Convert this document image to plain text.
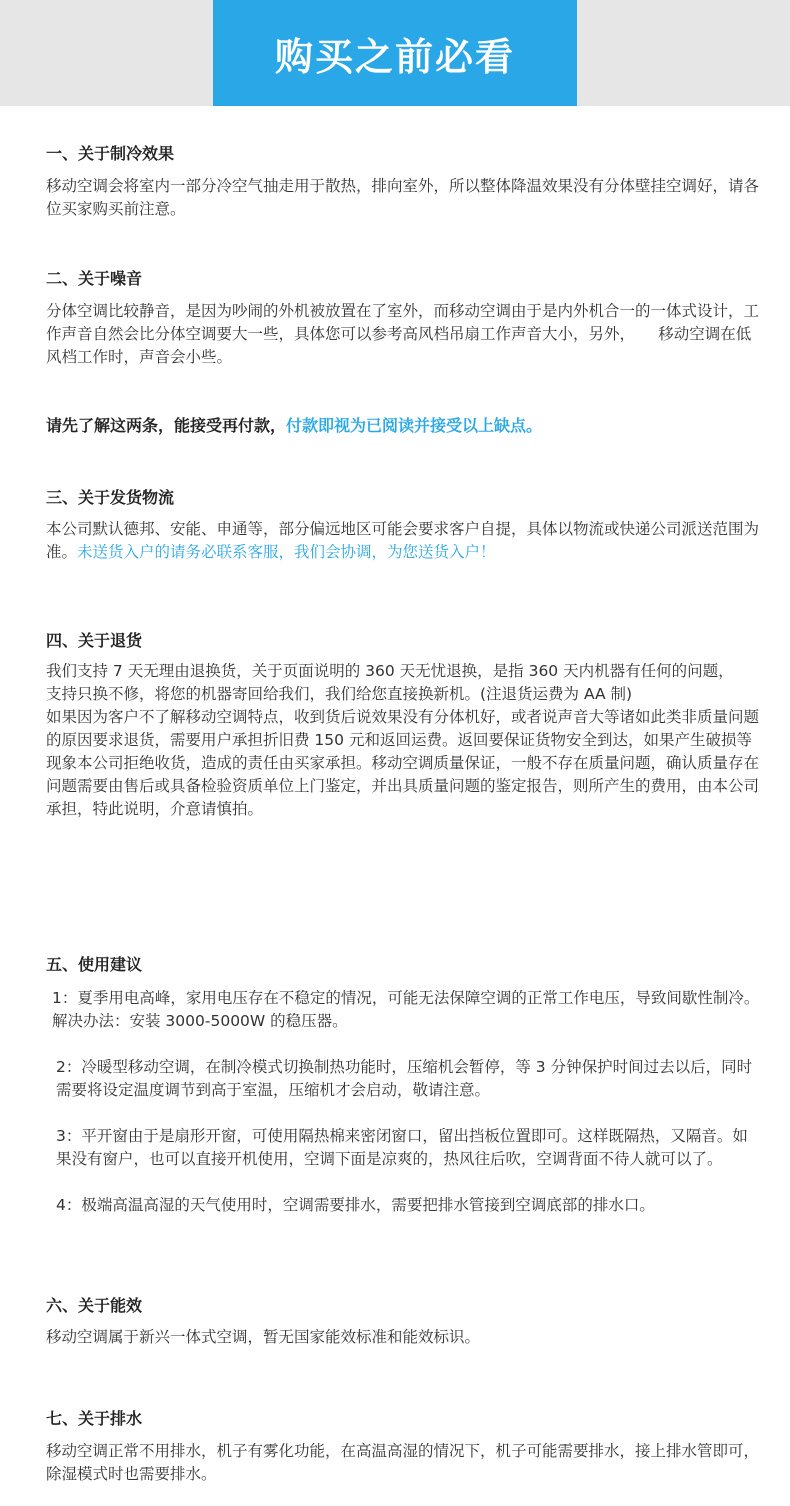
购买之前必看
一、关于制冷效果

移动空调会将室内一部分冷空气抽走用于散热，排向室外，所以整体降温效果没有分体壁挂空调好，请各位买家购买前注意。

二、关于噪音

分体空调比较静音，是因为吵闹的外机被放置在了室外，而移动空调由于是内外机合一的一体式设计，工作声音自然会比分体空调要大一些，具体您可以参考高风档吊扇工作声音大小，另外，　　移动空调在低风档工作时，声音会小些。

请先了解这两条，能接受再付款，付款即视为已阅读并接受以上缺点。
三、关于发货物流

本公司默认德邦、安能、申通等，部分偏远地区可能会要求客户自提，具体以物流或快递公司派送范围为准。未送货入户的请务必联系客服，我们会协调，为您送货入户！

四、关于退货

我们支持 7 天无理由退换货，关于页面说明的 360 天无忧退换，是指 360 天内机器有任何的问题，　　支持只换不修，将您的机器寄回给我们，我们给您直接换新机。(注退货运费为 AA 制)

如果因为客户不了解移动空调特点，收到货后说效果没有分体机好，或者说声音大等诸如此类非质量问题的原因要求退货，需要用户承担折旧费 150 元和返回运费。返回要保证货物安全到达，如果产生破损等现象本公司拒绝收货，造成的责任由买家承担。移动空调质量保证，一般不存在质量问题，确认质量存在问题需要由售后或具备检验资质单位上门鉴定，并出具质量问题的鉴定报告，则所产生的费用，由本公司承担，特此说明，介意请慎拍。

五、使用建议

1：夏季用电高峰，家用电压存在不稳定的情况，可能无法保障空调的正常工作电压，导致间歇性制冷。解决办法：安装 3000-5000W 的稳压器。

2：冷暖型移动空调，在制冷模式切换制热功能时，压缩机会暂停，等 3 分钟保护时间过去以后，同时需要将设定温度调节到高于室温，压缩机才会启动，敬请注意。

3：平开窗由于是扇形开窗，可使用隔热棉来密闭窗口，留出挡板位置即可。这样既隔热，又隔音。如果没有窗户，也可以直接开机使用，空调下面是凉爽的，热风往后吹，空调背面不待人就可以了。

4：极端高温高湿的天气使用时，空调需要排水，需要把排水管接到空调底部的排水口。

六、关于能效

移动空调属于新兴一体式空调，暂无国家能效标准和能效标识。

七、关于排水

移动空调正常不用排水，机子有雾化功能，在高温高湿的情况下，机子可能需要排水，接上排水管即可，除湿模式时也需要排水。
